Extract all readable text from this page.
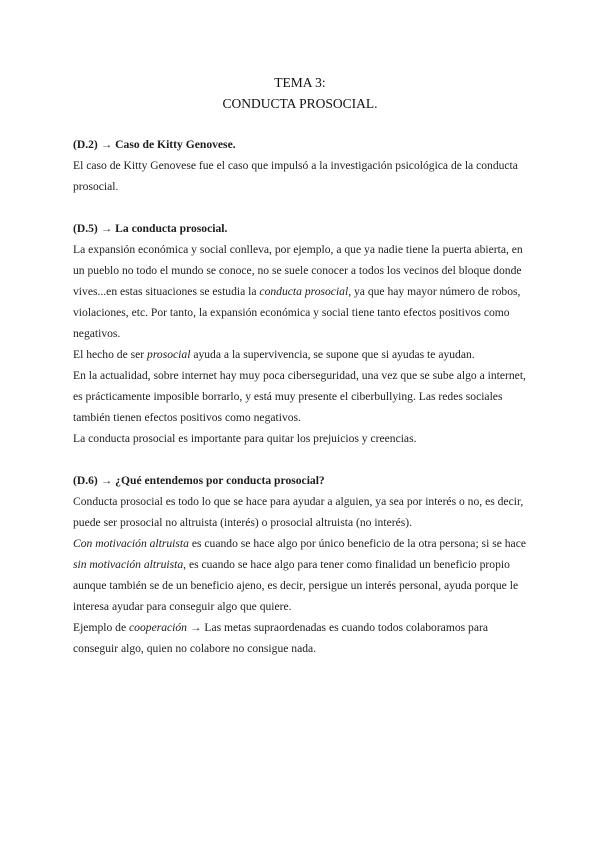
TEMA 3:
CONDUCTA PROSOCIAL.

(D.2) → Caso de Kitty Genovese.

El caso de Kitty Genovese fue el caso que impulsó a la investigación psicológica de la conducta prosocial.

(D.5) → La conducta prosocial.

La expansión económica y social conlleva, por ejemplo, a que ya nadie tiene la puerta abierta, en un pueblo no todo el mundo se conoce, no se suele conocer a todos los vecinos del bloque donde vives...en estas situaciones se estudia la conducta prosocial, ya que hay mayor número de robos, violaciones, etc. Por tanto, la expansión económica y social tiene tanto efectos positivos como negativos.

El hecho de ser prosocial ayuda a la supervivencia, se supone que si ayudas te ayudan.

En la actualidad, sobre internet hay muy poca ciberseguridad, una vez que se sube algo a internet, es prácticamente imposible borrarlo, y está muy presente el ciberbullying. Las redes sociales también tienen efectos positivos como negativos.

La conducta prosocial es importante para quitar los prejuicios y creencias.

(D.6) → ¿Qué entendemos por conducta prosocial?

Conducta prosocial es todo lo que se hace para ayudar a alguien, ya sea por interés o no, es decir, puede ser prosocial no altruista (interés) o prosocial altruista (no interés).

Con motivación altruista es cuando se hace algo por único beneficio de la otra persona; si se hace sin motivación altruista, es cuando se hace algo para tener como finalidad un beneficio propio aunque también se de un beneficio ajeno, es decir, persigue un interés personal, ayuda porque le interesa ayudar para conseguir algo que quiere.

Ejemplo de cooperación → Las metas supraordenadas es cuando todos colaboramos para conseguir algo, quien no colabore no consigue nada.
